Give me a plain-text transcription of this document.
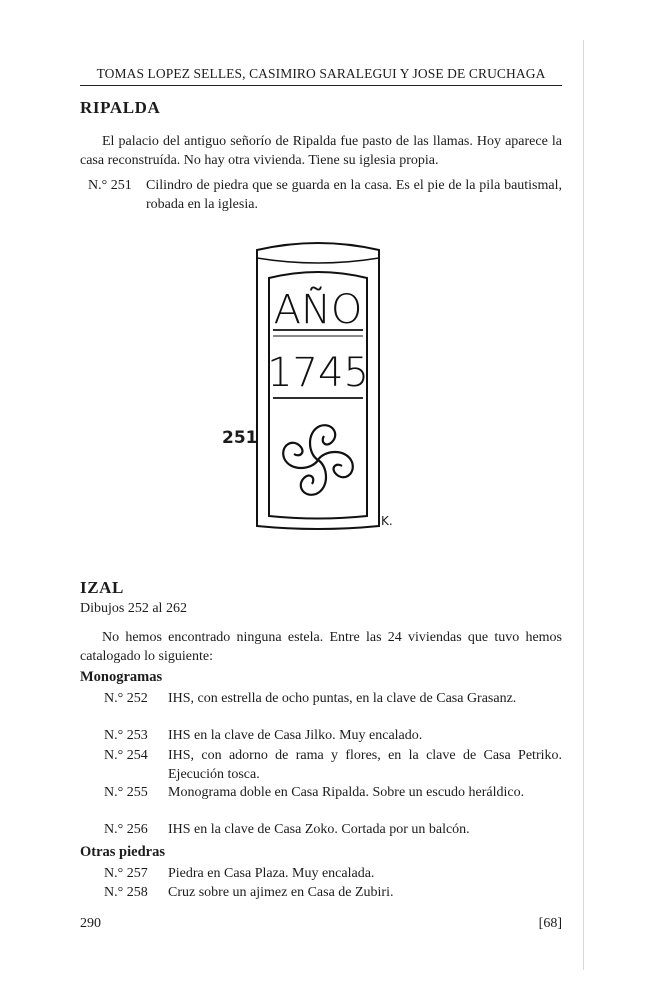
TOMAS LOPEZ SELLES, CASIMIRO SARALEGUI Y JOSE DE CRUCHAGA
RIPALDA

El palacio del antiguo señorío de Ripalda fue pasto de las llamas. Hoy aparece la casa reconstruída. No hay otra vivienda. Tiene su iglesia propia.

N.° 251 Cilindro de piedra que se guarda en la casa. Es el pie de la pila bautismal, robada en la iglesia.
AÑO
1745
251
K.
IZAL
Dibujos 252 al 262

No hemos encontrado ninguna estela. Entre las 24 viviendas que tuvo hemos catalogado lo siguiente:

Monogramas
N.° 252 IHS, con estrella de ocho puntas, en la clave de Casa Grasanz.
N.° 253 IHS en la clave de Casa Jilko. Muy encalado.
N.° 254 IHS, con adorno de rama y flores, en la clave de Casa Petriko. Ejecución tosca.
N.° 255 Monograma doble en Casa Ripalda. Sobre un escudo heráldico.
N.° 256 IHS en la clave de Casa Zoko. Cortada por un balcón.
Otras piedras
N.° 257 Piedra en Casa Plaza. Muy encalada.
N.° 258 Cruz sobre un ajimez en Casa de Zubiri.
290	[68]
